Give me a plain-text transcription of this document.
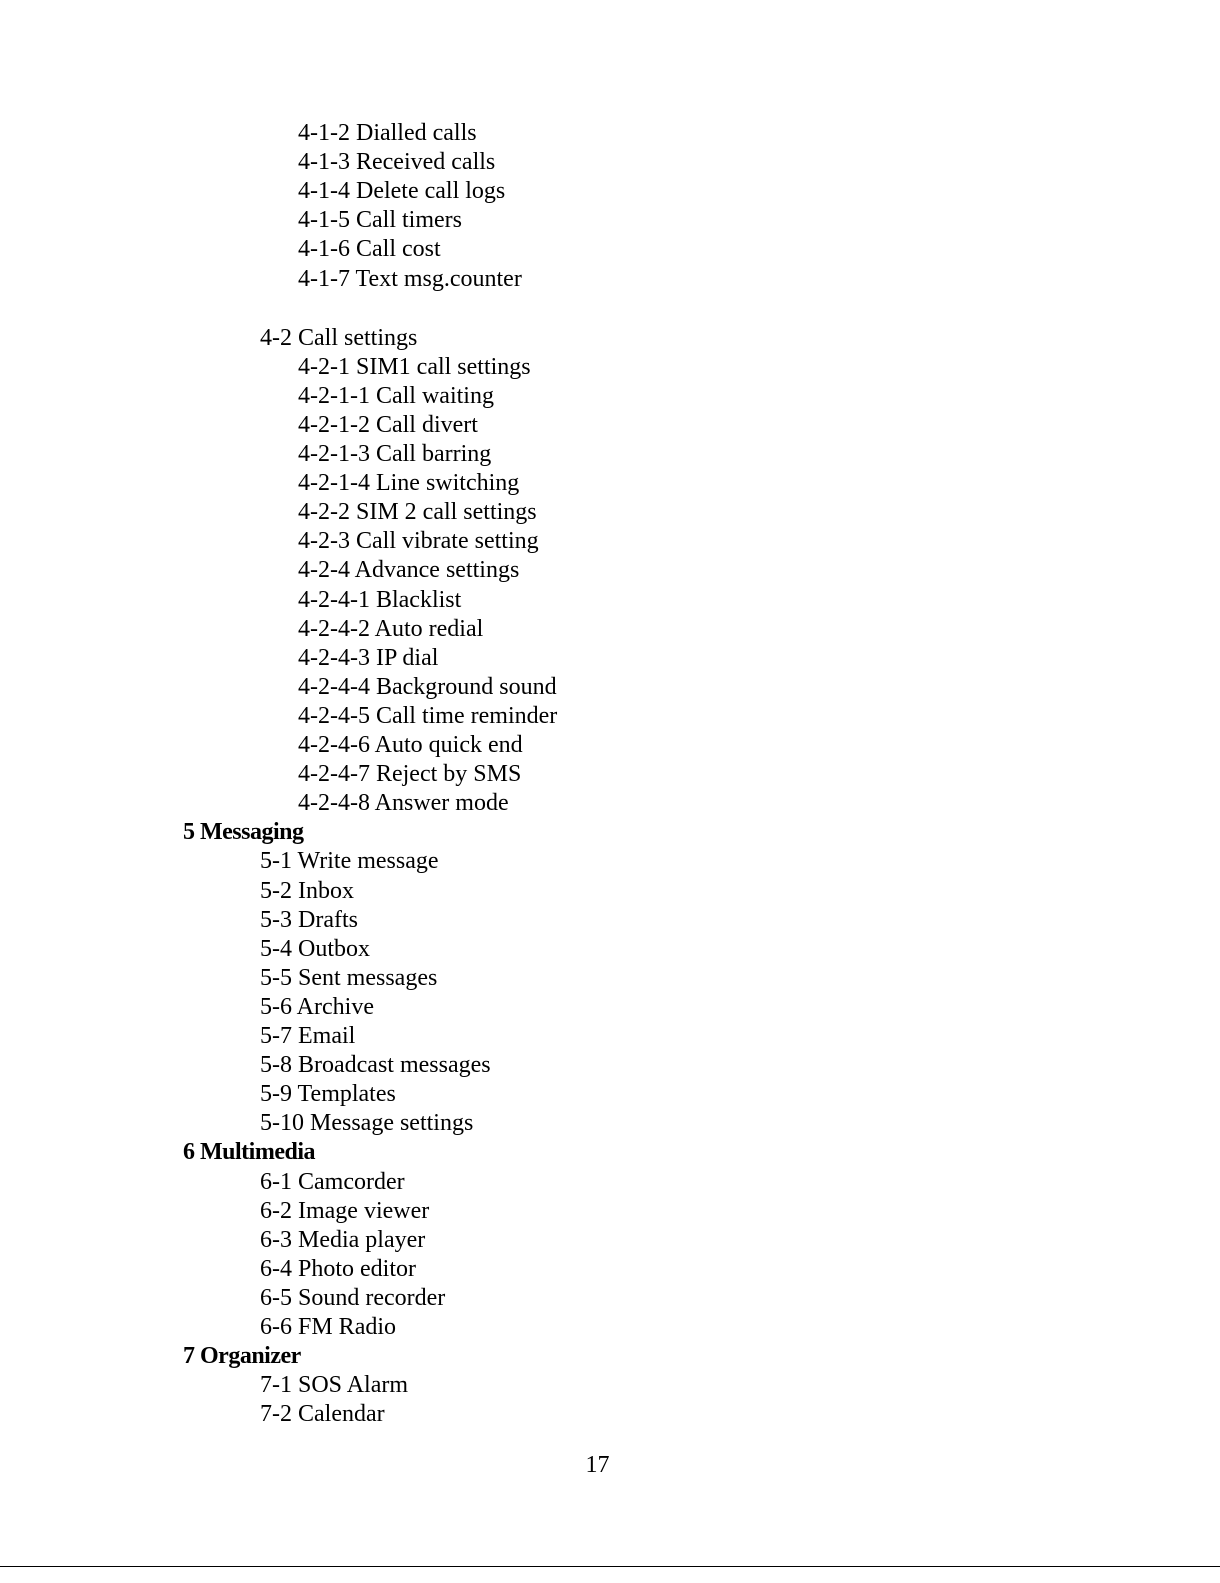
4-1-2 Dialled calls
4-1-3 Received calls
4-1-4 Delete call logs
4-1-5 Call timers
4-1-6 Call cost
4-1-7 Text msg.counter
4-2 Call settings
4-2-1 SIM1 call settings
4-2-1-1 Call waiting
4-2-1-2 Call divert
4-2-1-3 Call barring
4-2-1-4 Line switching
4-2-2 SIM 2 call settings
4-2-3 Call vibrate setting
4-2-4 Advance settings
4-2-4-1 Blacklist
4-2-4-2 Auto redial
4-2-4-3 IP dial
4-2-4-4 Background sound
4-2-4-5 Call time reminder
4-2-4-6 Auto quick end
4-2-4-7 Reject by SMS
4-2-4-8 Answer mode
5 Messaging
5-1 Write message
5-2 Inbox
5-3 Drafts
5-4 Outbox
5-5 Sent messages
5-6 Archive
5-7 Email
5-8 Broadcast messages
5-9 Templates
5-10 Message settings
6 Multimedia
6-1 Camcorder
6-2 Image viewer
6-3 Media player
6-4 Photo editor
6-5 Sound recorder
6-6 FM Radio
7 Organizer
7-1 SOS Alarm
7-2 Calendar
17
